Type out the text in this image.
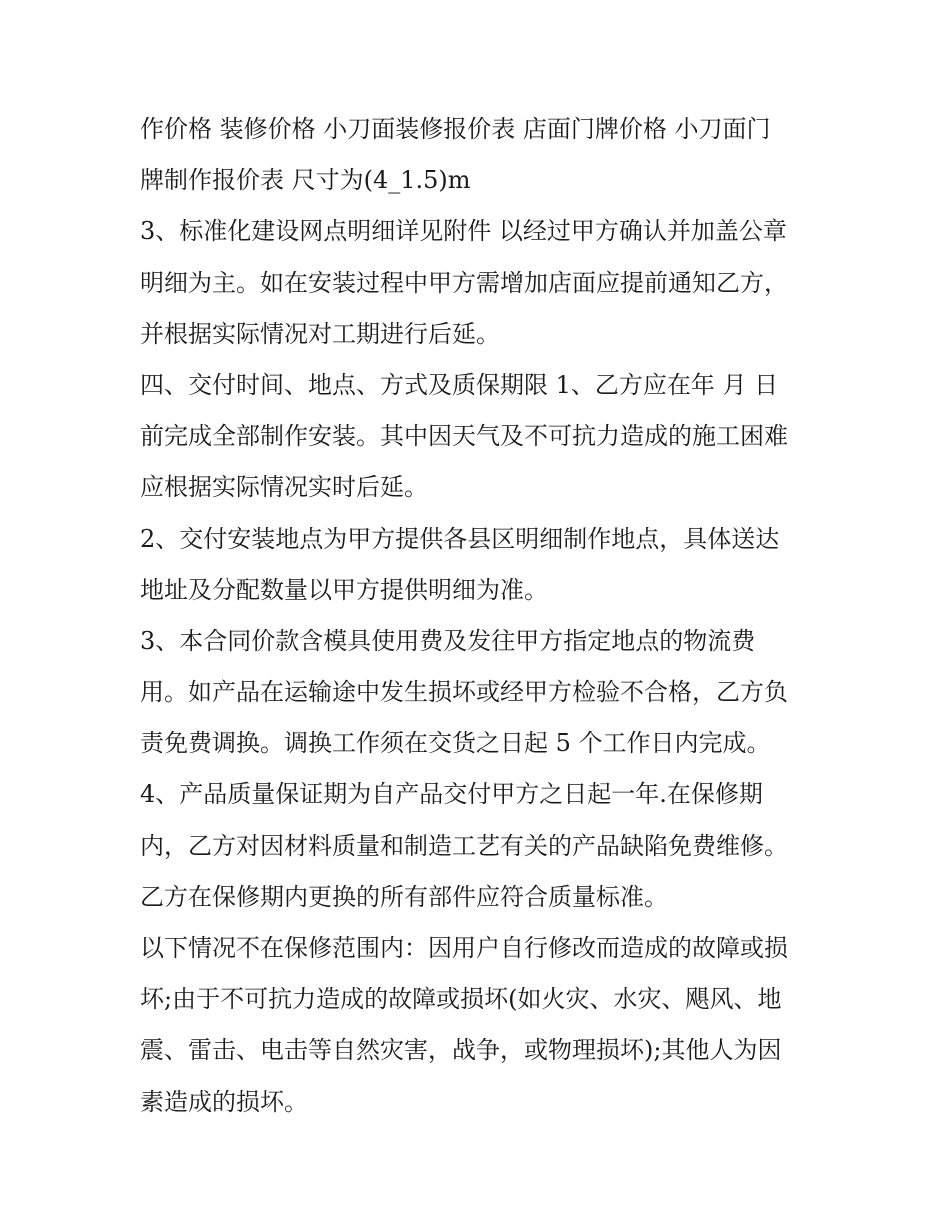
作价格 装修价格 小刀面装修报价表 店面门牌价格 小刀面门
牌制作报价表 尺寸为(4_1.5)m
3、标准化建设网点明细详见附件 以经过甲方确认并加盖公章
明细为主。如在安装过程中甲方需增加店面应提前通知乙方，
并根据实际情况对工期进行后延。
四、交付时间、地点、方式及质保期限 1、乙方应在年 月 日
前完成全部制作安装。其中因天气及不可抗力造成的施工困难
应根据实际情况实时后延。
2、交付安装地点为甲方提供各县区明细制作地点，具体送达
地址及分配数量以甲方提供明细为准。
3、本合同价款含模具使用费及发往甲方指定地点的物流费
用。如产品在运输途中发生损坏或经甲方检验不合格，乙方负
责免费调换。调换工作须在交货之日起 5 个工作日内完成。
4、产品质量保证期为自产品交付甲方之日起一年.在保修期
内，乙方对因材料质量和制造工艺有关的产品缺陷免费维修。
乙方在保修期内更换的所有部件应符合质量标准。
以下情况不在保修范围内：因用户自行修改而造成的故障或损
坏;由于不可抗力造成的故障或损坏(如火灾、水灾、飓风、地
震、雷击、电击等自然灾害，战争，或物理损坏);其他人为因
素造成的损坏。
